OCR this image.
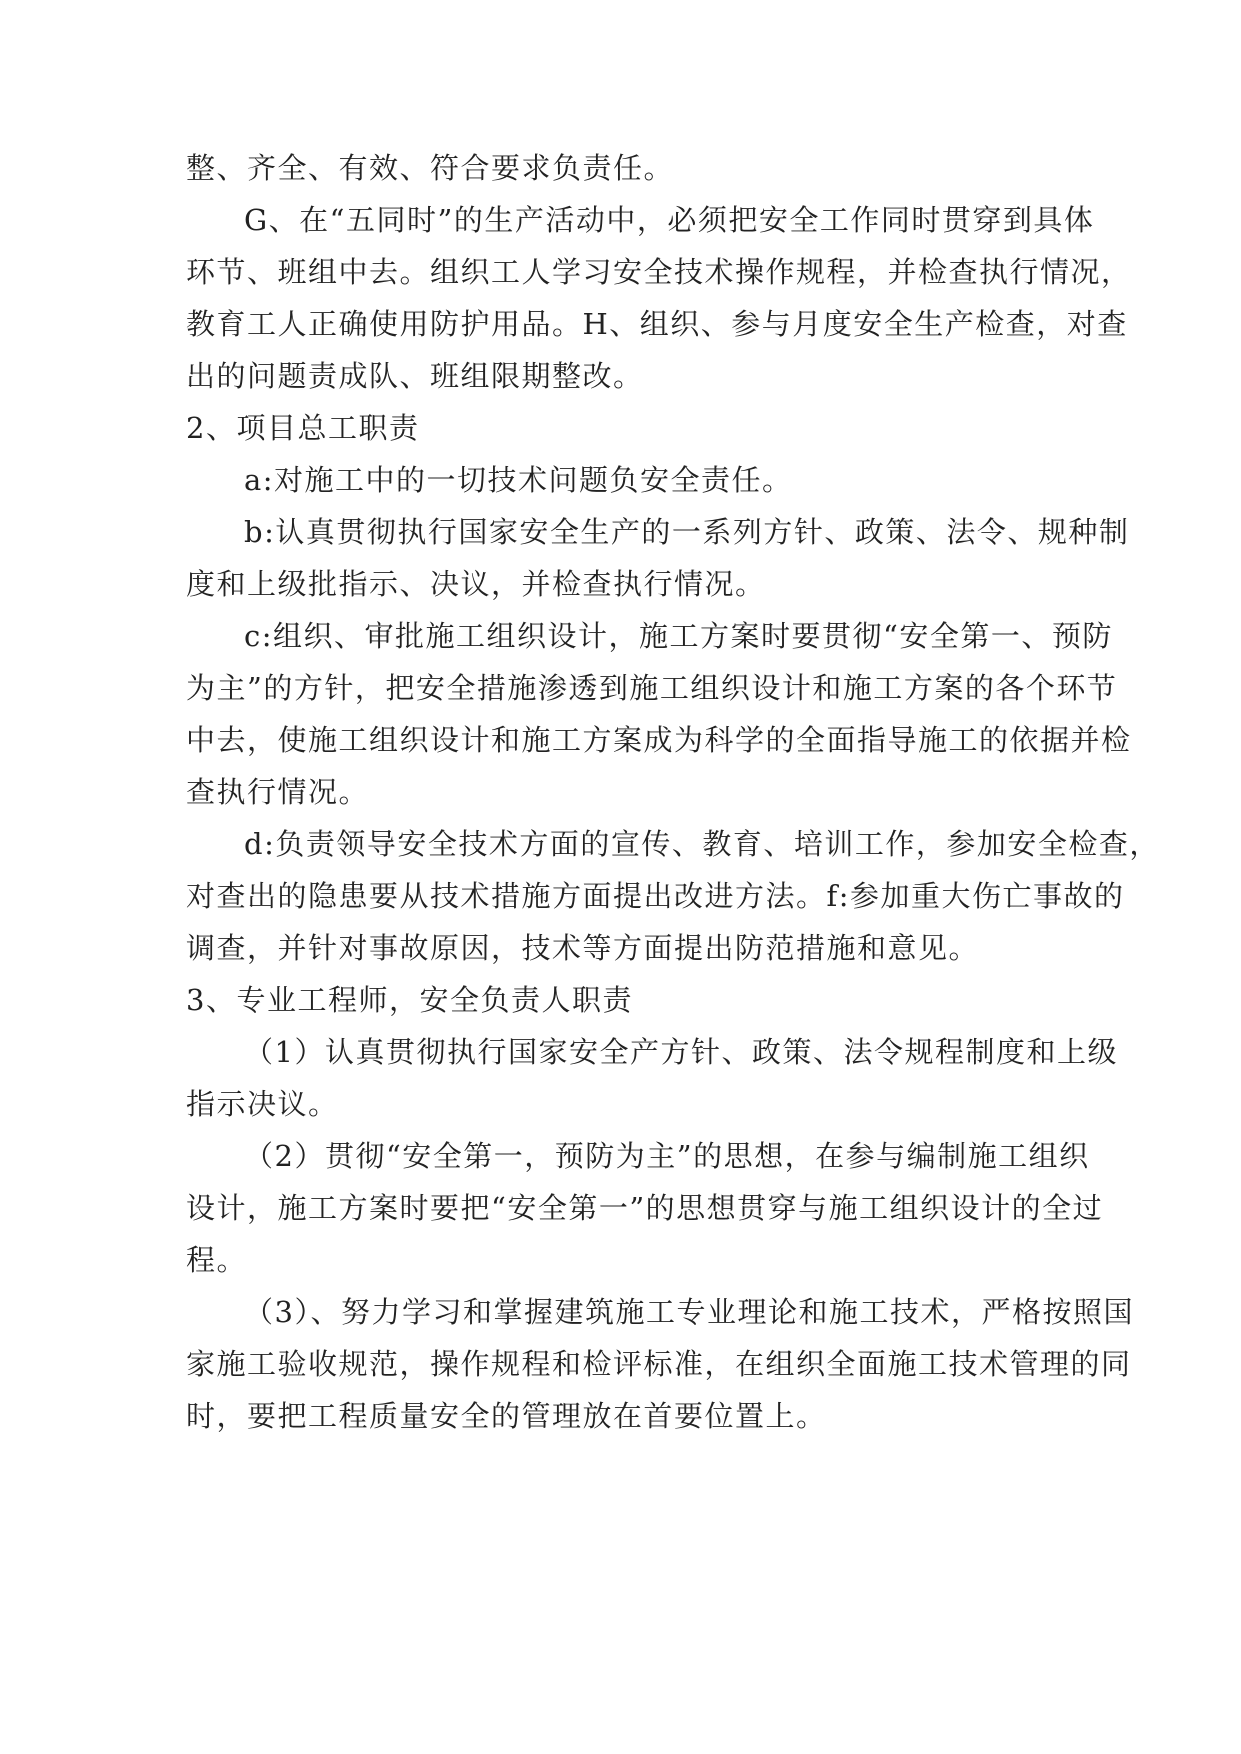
整、齐全、有效、符合要求负责任。
G、在“五同时”的生产活动中，必须把安全工作同时贯穿到具体
环节、班组中去。组织工人学习安全技术操作规程，并检查执行情况，
教育工人正确使用防护用品。H、组织、参与月度安全生产检查，对查
出的问题责成队、班组限期整改。
2、项目总工职责
a:对施工中的一切技术问题负安全责任。
b:认真贯彻执行国家安全生产的一系列方针、政策、法令、规种制
度和上级批指示、决议，并检查执行情况。
c:组织、审批施工组织设计，施工方案时要贯彻“安全第一、预防
为主”的方针，把安全措施渗透到施工组织设计和施工方案的各个环节
中去，使施工组织设计和施工方案成为科学的全面指导施工的依据并检
查执行情况。
d:负责领导安全技术方面的宣传、教育、培训工作，参加安全检查，
对查出的隐患要从技术措施方面提出改进方法。f:参加重大伤亡事故的
调查，并针对事故原因，技术等方面提出防范措施和意见。
3、专业工程师，安全负责人职责
（1）认真贯彻执行国家安全产方针、政策、法令规程制度和上级
指示决议。
（2）贯彻“安全第一，预防为主”的思想，在参与编制施工组织
设计，施工方案时要把“安全第一”的思想贯穿与施工组织设计的全过
程。
（3）、努力学习和掌握建筑施工专业理论和施工技术，严格按照国
家施工验收规范，操作规程和检评标准，在组织全面施工技术管理的同
时，要把工程质量安全的管理放在首要位置上。
